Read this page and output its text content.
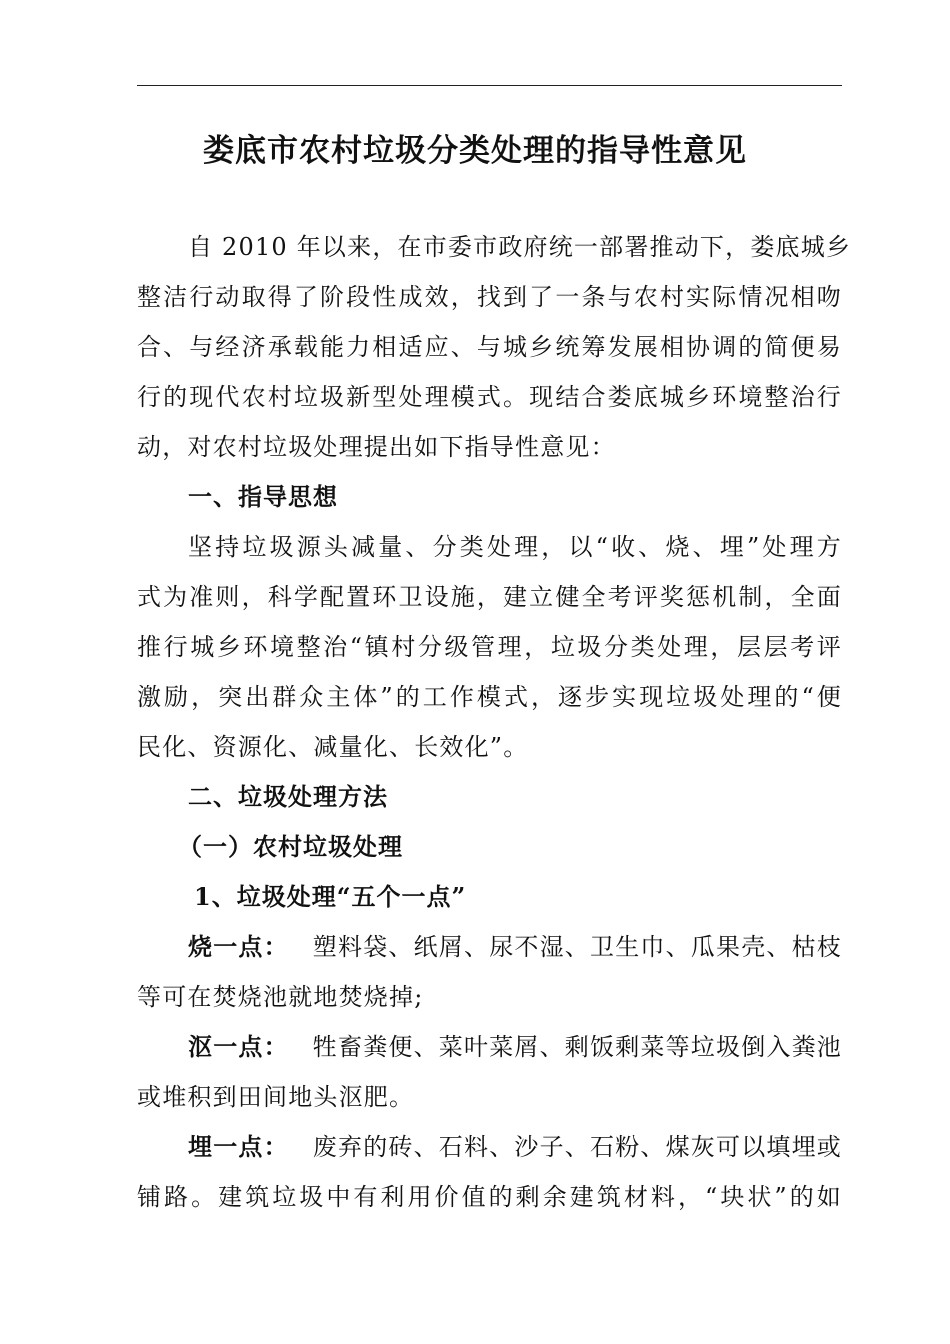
娄底市农村垃圾分类处理的指导性意见
自 2010 年以来，在市委市政府统一部署推动下，娄底城乡
整洁行动取得了阶段性成效，找到了一条与农村实际情况相吻
合、与经济承载能力相适应、与城乡统筹发展相协调的简便易
行的现代农村垃圾新型处理模式。现结合娄底城乡环境整治行
动，对农村垃圾处理提出如下指导性意见：
一、指导思想
坚持垃圾源头减量、分类处理，以“收、烧、埋”处理方
式为准则，科学配置环卫设施，建立健全考评奖惩机制，全面
推行城乡环境整治“镇村分级管理，垃圾分类处理，层层考评
激励，突出群众主体”的工作模式，逐步实现垃圾处理的“便
民化、资源化、减量化、长效化”。
二、垃圾处理方法
（一）农村垃圾处理
1、垃圾处理“五个一点”
烧一点： 塑料袋、纸屑、尿不湿、卫生巾、瓜果壳、枯枝
等可在焚烧池就地焚烧掉;
沤一点： 牲畜粪便、菜叶菜屑、剩饭剩菜等垃圾倒入粪池
或堆积到田间地头沤肥。
埋一点： 废弃的砖、石料、沙子、石粉、煤灰可以填埋或
铺路。建筑垃圾中有利用价值的剩余建筑材料，“块状”的如
